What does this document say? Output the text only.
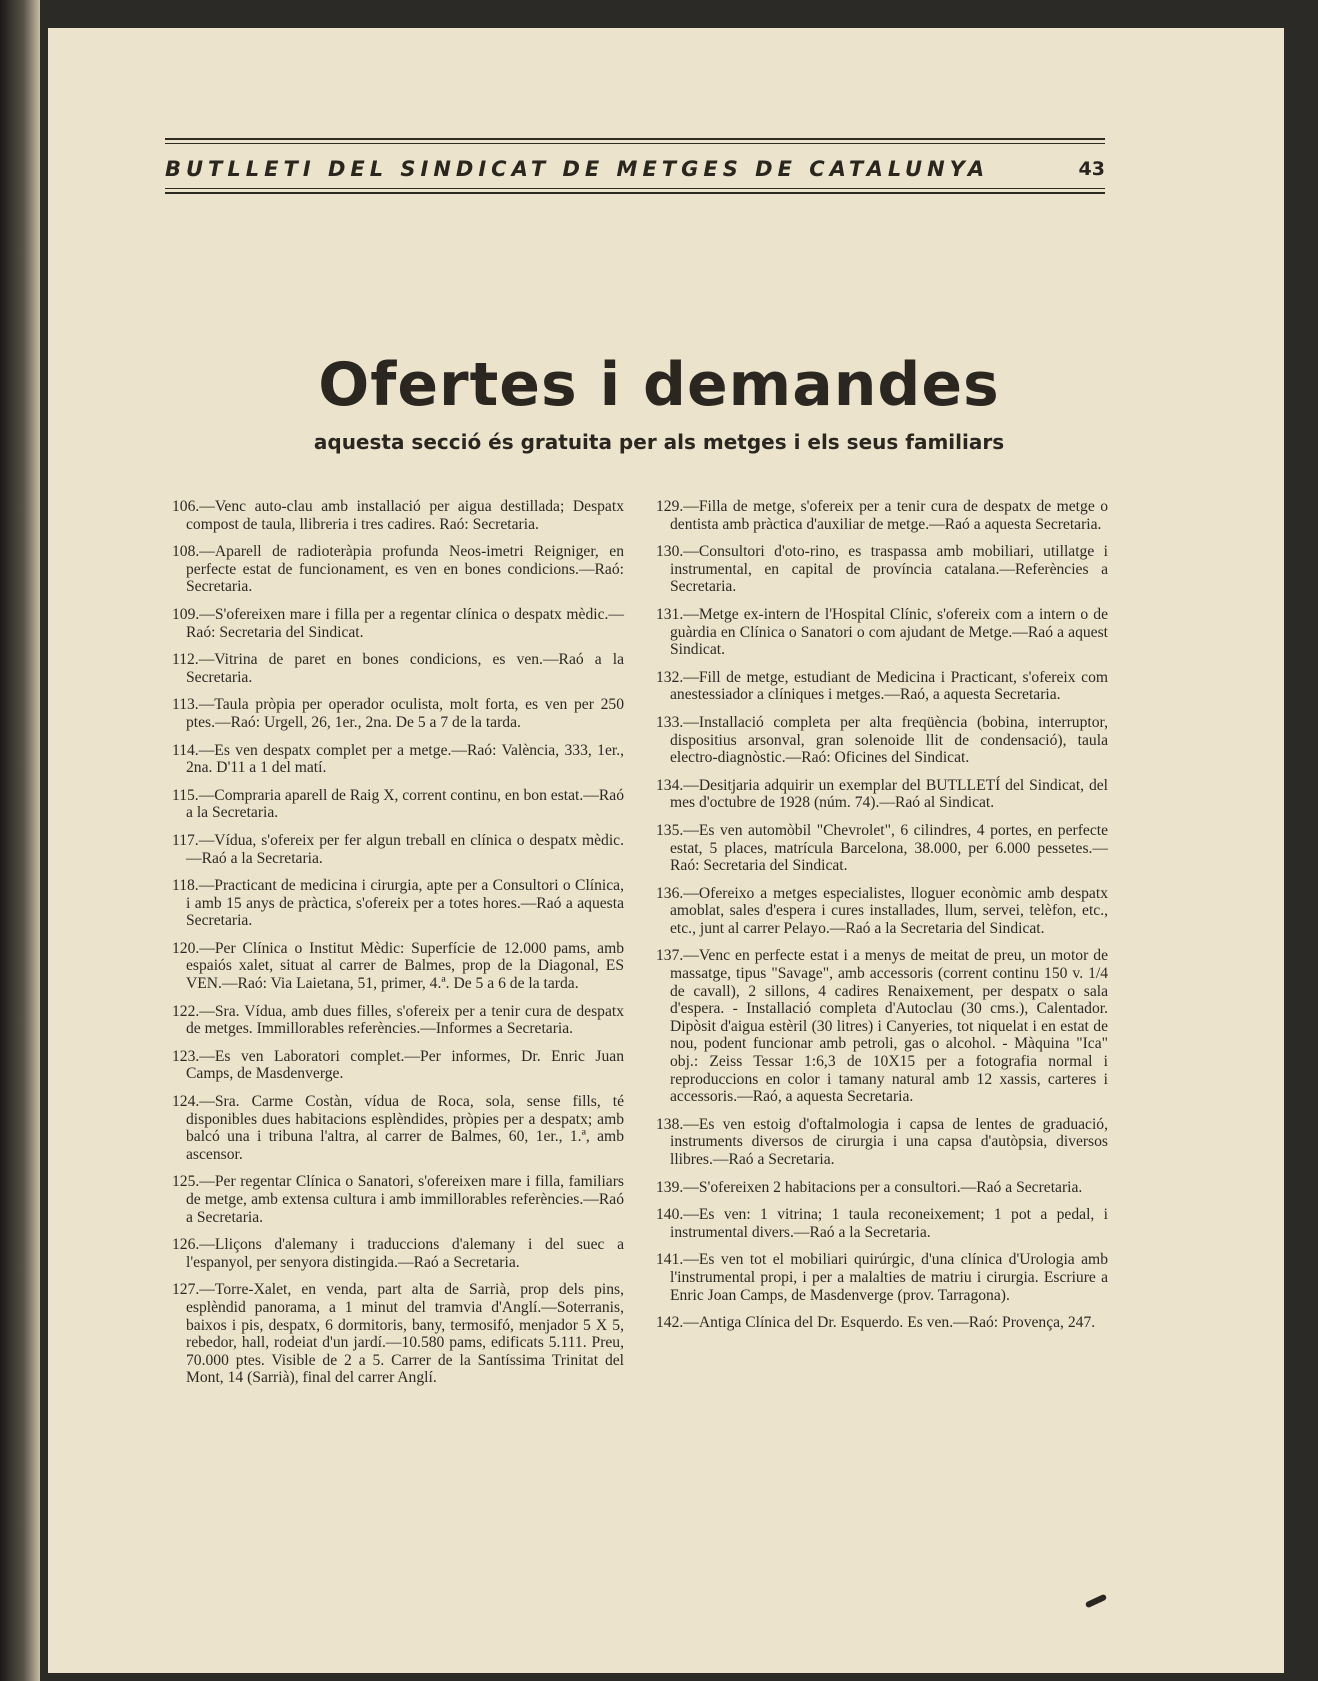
BUTLLETI DEL SINDICAT DE METGES DE CATALUNYA	43
Ofertes i demandes
aquesta secció és gratuita per als metges i els seus familiars

106.—Venc auto-clau amb installació per aigua destillada; Despatx compost de taula, llibreria i tres cadires. Raó: Secretaria.

108.—Aparell de radioteràpia profunda Neos-imetri Reigniger, en perfecte estat de funcionament, es ven en bones condicions.—Raó: Secretaria.

109.—S'ofereixen mare i filla per a regentar clínica o despatx mèdic.—Raó: Secretaria del Sindicat.

112.—Vitrina de paret en bones condicions, es ven.—Raó a la Secretaria.

113.—Taula pròpia per operador oculista, molt forta, es ven per 250 ptes.—Raó: Urgell, 26, 1er., 2na. De 5 a 7 de la tarda.

114.—Es ven despatx complet per a metge.—Raó: València, 333, 1er., 2na. D'11 a 1 del matí.

115.—Compraria aparell de Raig X, corrent continu, en bon estat.—Raó a la Secretaria.

117.—Vídua, s'ofereix per fer algun treball en clínica o despatx mèdic.—Raó a la Secretaria.

118.—Practicant de medicina i cirurgia, apte per a Consultori o Clínica, i amb 15 anys de pràctica, s'ofereix per a totes hores.—Raó a aquesta Secretaria.

120.—Per Clínica o Institut Mèdic: Superfície de 12.000 pams, amb espaiós xalet, situat al carrer de Balmes, prop de la Diagonal, ES VEN.—Raó: Via Laietana, 51, primer, 4.ª. De 5 a 6 de la tarda.

122.—Sra. Vídua, amb dues filles, s'ofereix per a tenir cura de despatx de metges. Immillorables referències.—Informes a Secretaria.

123.—Es ven Laboratori complet.—Per informes, Dr. Enric Juan Camps, de Masdenverge.

124.—Sra. Carme Costàn, vídua de Roca, sola, sense fills, té disponibles dues habitacions esplèndides, pròpies per a despatx; amb balcó una i tribuna l'altra, al carrer de Balmes, 60, 1er., 1.ª, amb ascensor.

125.—Per regentar Clínica o Sanatori, s'ofereixen mare i filla, familiars de metge, amb extensa cultura i amb immillorables referències.—Raó a Secretaria.

126.—Lliçons d'alemany i traduccions d'alemany i del suec a l'espanyol, per senyora distingida.—Raó a Secretaria.

127.—Torre-Xalet, en venda, part alta de Sarrià, prop dels pins, esplèndid panorama, a 1 minut del tramvia d'Anglí.—Soterranis, baixos i pis, despatx, 6 dormitoris, bany, termosifó, menjador 5 X 5, rebedor, hall, rodeiat d'un jardí.—10.580 pams, edificats 5.111. Preu, 70.000 ptes. Visible de 2 a 5. Carrer de la Santíssima Trinitat del Mont, 14 (Sarrià), final del carrer Anglí.

129.—Filla de metge, s'ofereix per a tenir cura de despatx de metge o dentista amb pràctica d'auxiliar de metge.—Raó a aquesta Secretaria.

130.—Consultori d'oto-rino, es traspassa amb mobiliari, utillatge i instrumental, en capital de província catalana.—Referències a Secretaria.

131.—Metge ex-intern de l'Hospital Clínic, s'ofereix com a intern o de guàrdia en Clínica o Sanatori o com ajudant de Metge.—Raó a aquest Sindicat.

132.—Fill de metge, estudiant de Medicina i Practicant, s'ofereix com anestessiador a clíniques i metges.—Raó, a aquesta Secretaria.

133.—Installació completa per alta freqüència (bobina, interruptor, dispositius arsonval, gran solenoide llit de condensació), taula electro-diagnòstic.—Raó: Oficines del Sindicat.

134.—Desitjaria adquirir un exemplar del BUTLLETÍ del Sindicat, del mes d'octubre de 1928 (núm. 74).—Raó al Sindicat.

135.—Es ven automòbil "Chevrolet", 6 cilindres, 4 portes, en perfecte estat, 5 places, matrícula Barcelona, 38.000, per 6.000 pessetes.—Raó: Secretaria del Sindicat.

136.—Ofereixo a metges especialistes, lloguer econòmic amb despatx amoblat, sales d'espera i cures installades, llum, servei, telèfon, etc., etc., junt al carrer Pelayo.—Raó a la Secretaria del Sindicat.

137.—Venc en perfecte estat i a menys de meitat de preu, un motor de massatge, tipus "Savage", amb accessoris (corrent continu 150 v. 1/4 de cavall), 2 sillons, 4 cadires Renaixement, per despatx o sala d'espera. - Installació completa d'Autoclau (30 cms.), Calentador. Dipòsit d'aigua estèril (30 litres) i Canyeries, tot niquelat i en estat de nou, podent funcionar amb petroli, gas o alcohol. - Màquina "Ica" obj.: Zeiss Tessar 1:6,3 de 10X15 per a fotografia normal i reproduccions en color i tamany natural amb 12 xassis, carteres i accessoris.—Raó, a aquesta Secretaria.

138.—Es ven estoig d'oftalmologia i capsa de lentes de graduació, instruments diversos de cirurgia i una capsa d'autòpsia, diversos llibres.—Raó a Secretaria.

139.—S'ofereixen 2 habitacions per a consultori.—Raó a Secretaria.

140.—Es ven: 1 vitrina; 1 taula reconeixement; 1 pot a pedal, i instrumental divers.—Raó a la Secretaria.

141.—Es ven tot el mobiliari quirúrgic, d'una clínica d'Urologia amb l'instrumental propi, i per a malalties de matriu i cirurgia. Escriure a Enric Joan Camps, de Masdenverge (prov. Tarragona).

142.—Antiga Clínica del Dr. Esquerdo. Es ven.—Raó: Provença, 247.
